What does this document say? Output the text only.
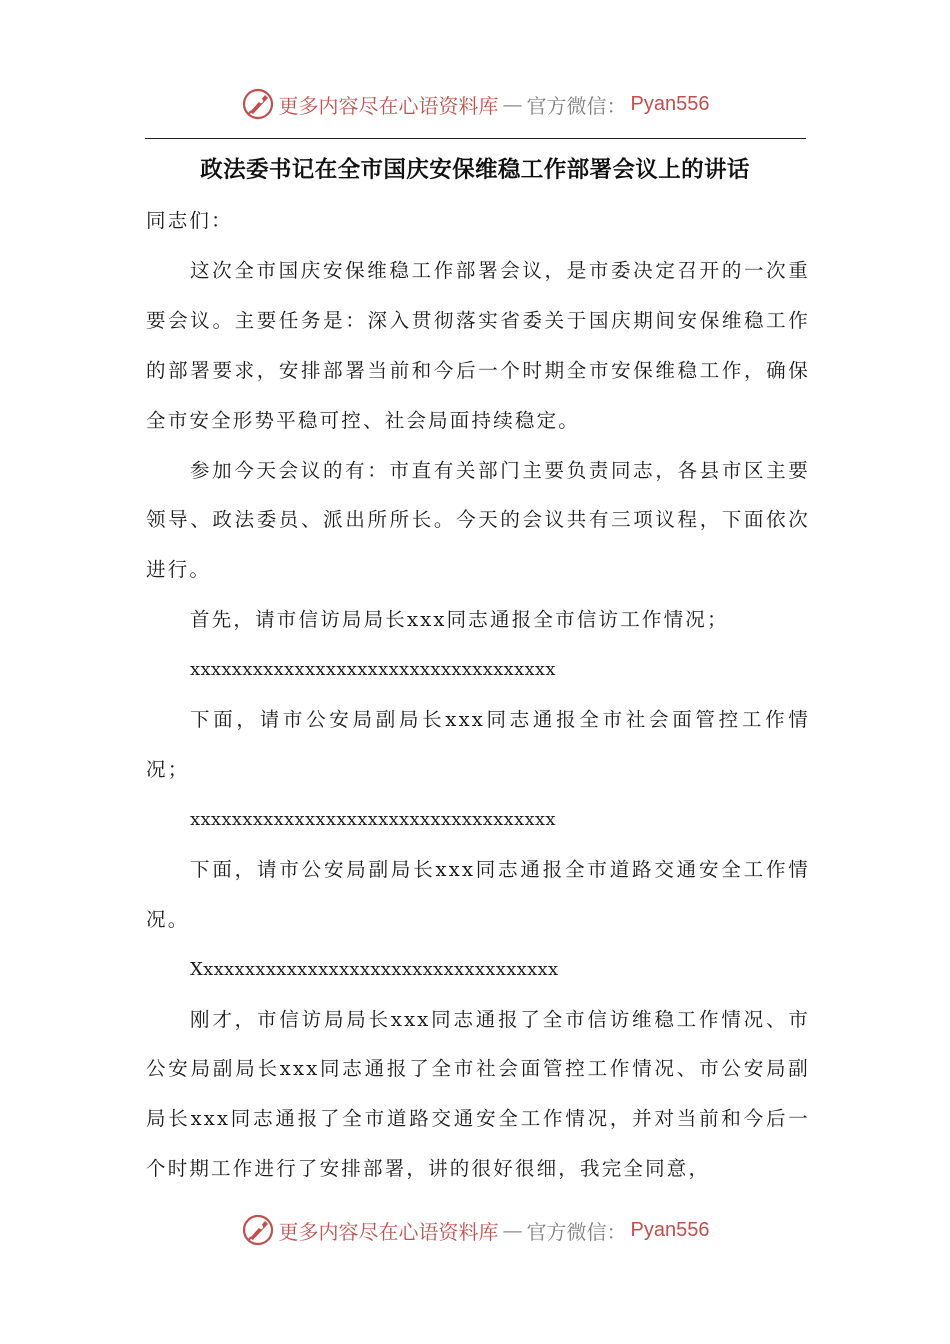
更多内容尽在心语资料库 — 官方微信： Pyan556
政法委书记在全市国庆安保维稳工作部署会议上的讲话

同志们：

这次全市国庆安保维稳工作部署会议，是市委决定召开的一次重要会议。主要任务是：深入贯彻落实省委关于国庆期间安保维稳工作的部署要求，安排部署当前和今后一个时期全市安保维稳工作，确保全市安全形势平稳可控、社会局面持续稳定。

参加今天会议的有：市直有关部门主要负责同志，各县市区主要领导、政法委员、派出所所长。今天的会议共有三项议程，下面依次进行。

首先，请市信访局局长xxx同志通报全市信访工作情况；

xxxxxxxxxxxxxxxxxxxxxxxxxxxxxxxxxxx

下面，请市公安局副局长xxx同志通报全市社会面管控工作情况；

xxxxxxxxxxxxxxxxxxxxxxxxxxxxxxxxxxx

下面，请市公安局副局长xxx同志通报全市道路交通安全工作情况。

Xxxxxxxxxxxxxxxxxxxxxxxxxxxxxxxxxxx

刚才，市信访局局长xxx同志通报了全市信访维稳工作情况、市公安局副局长xxx同志通报了全市社会面管控工作情况、市公安局副局长xxx同志通报了全市道路交通安全工作情况，并对当前和今后一个时期工作进行了安排部署，讲的很好很细，我完全同意，

更多内容尽在心语资料库 — 官方微信： Pyan556
